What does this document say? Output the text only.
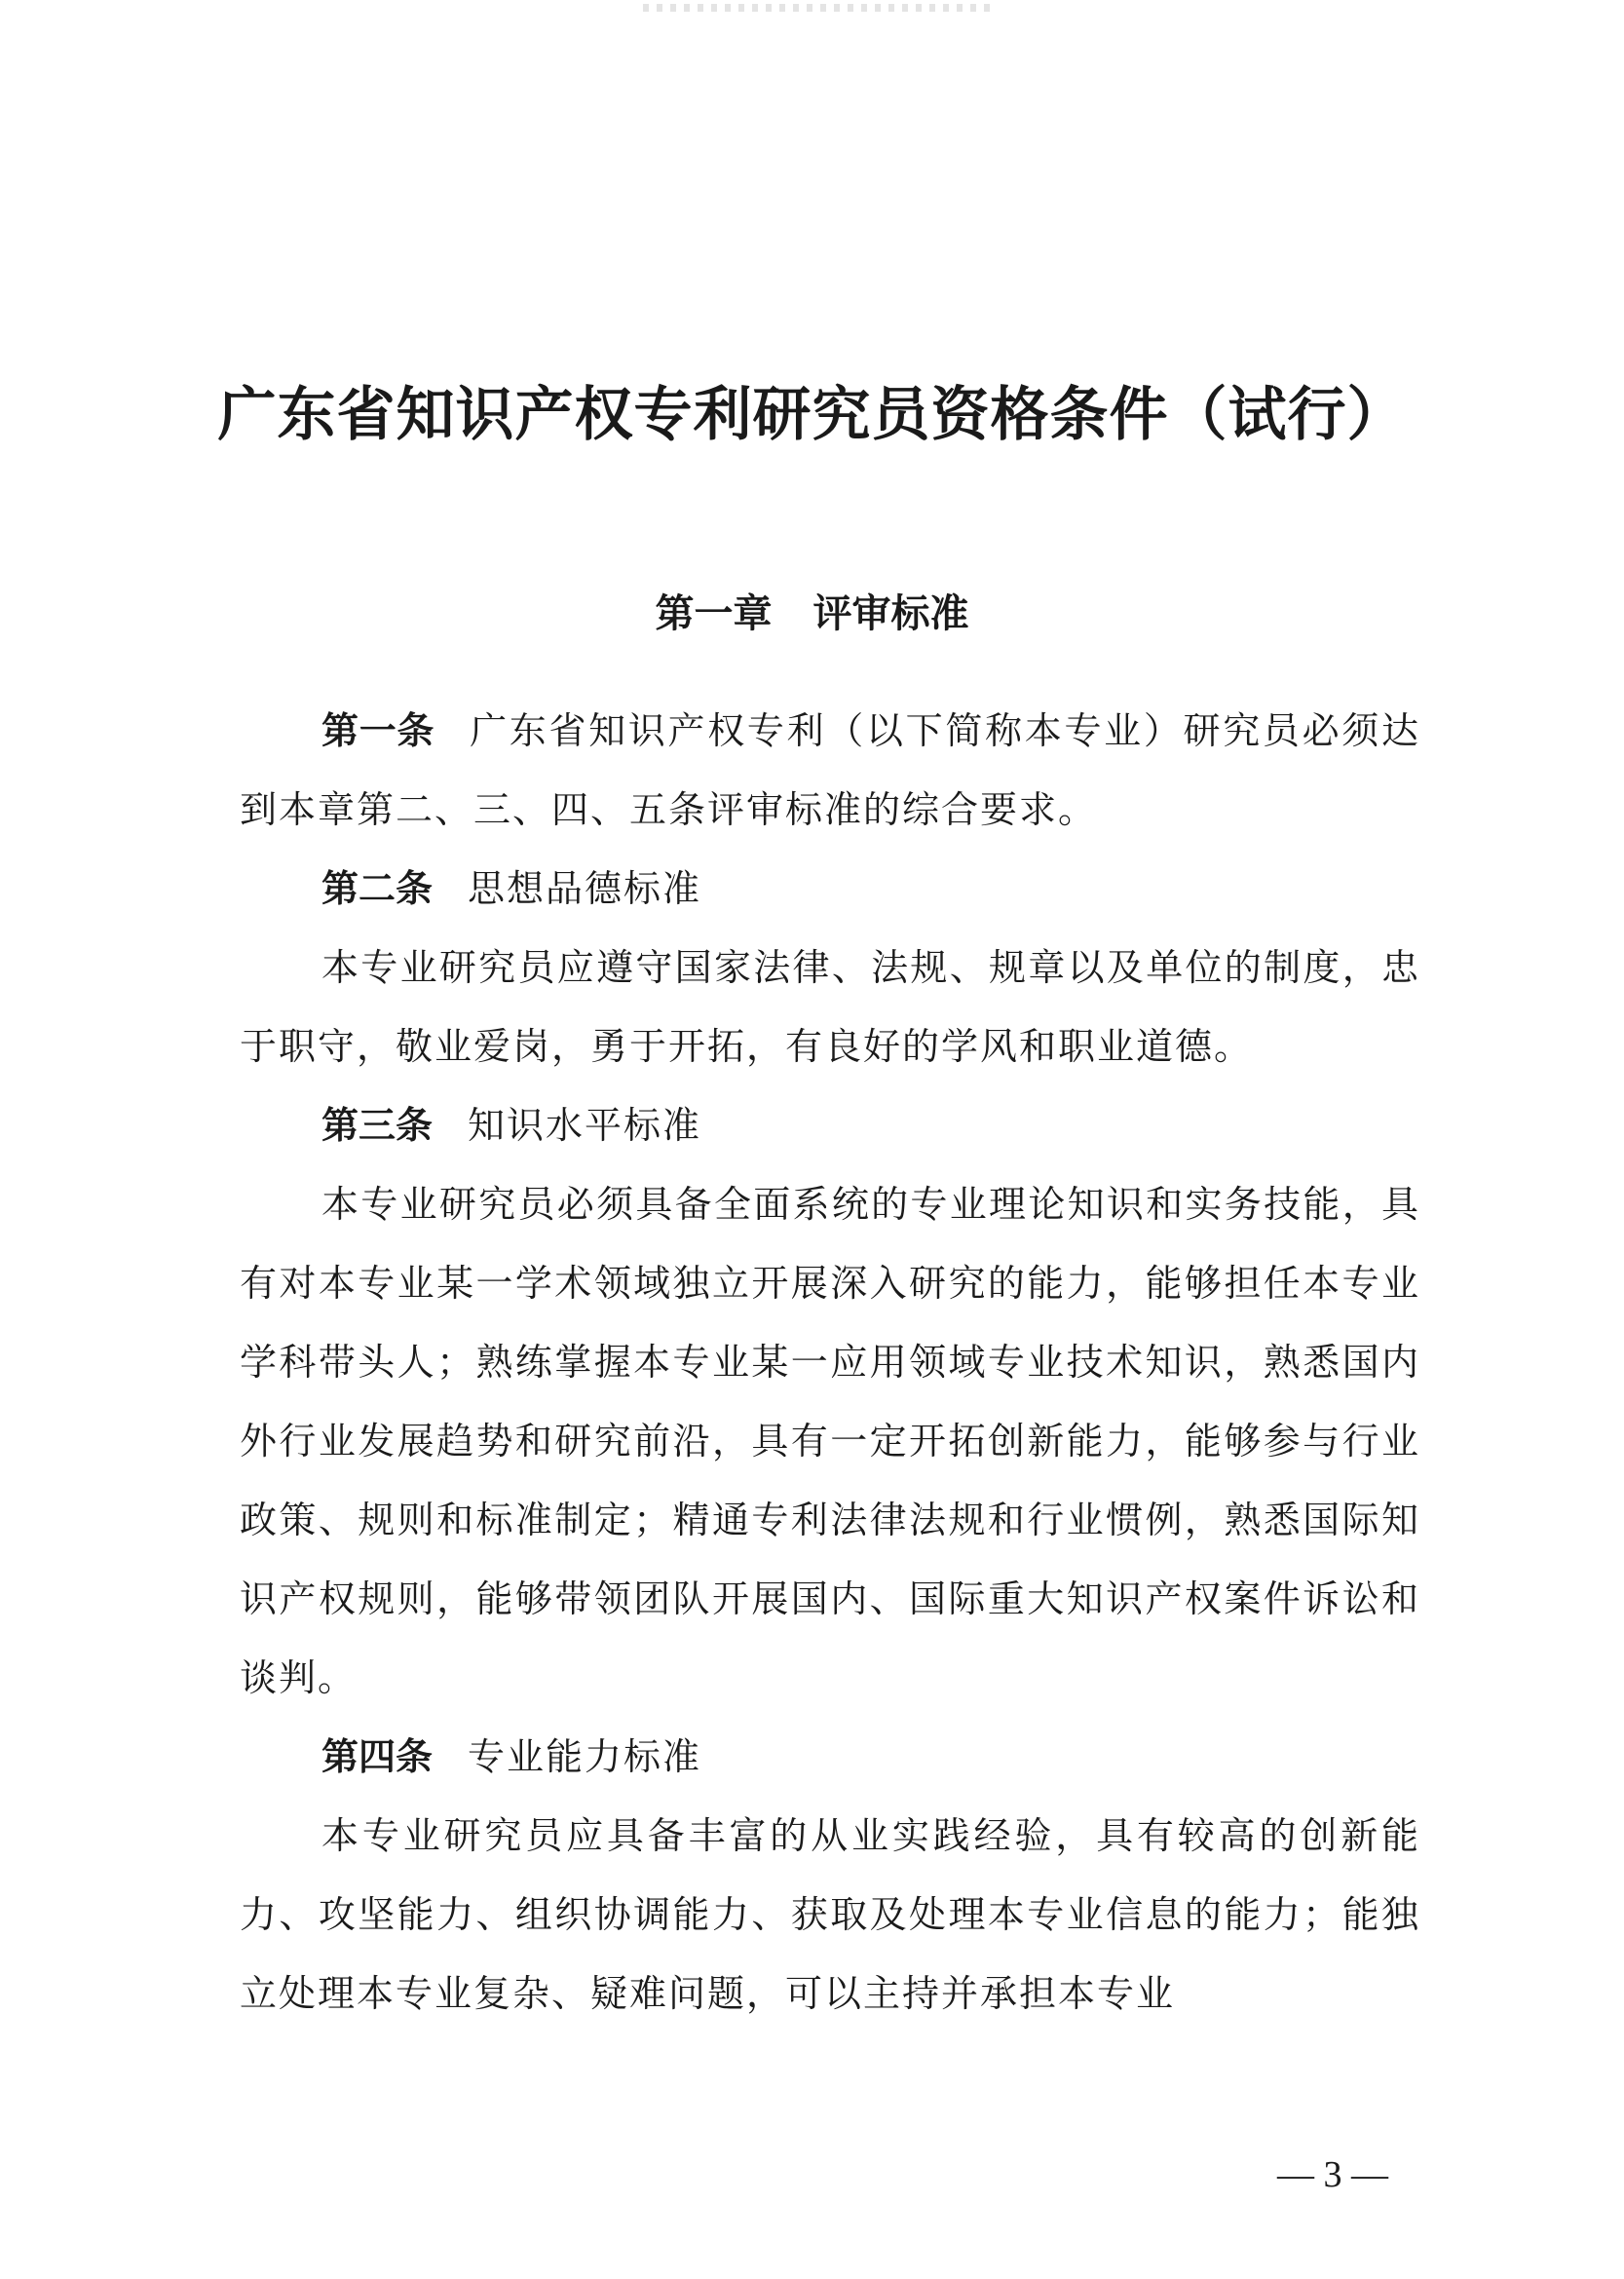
广东省知识产权专利研究员资格条件（试行）
第一章 评审标准

第一条 广东省知识产权专利（以下简称本专业）研究员必须达到本章第二、三、四、五条评审标准的综合要求。

第二条 思想品德标准

本专业研究员应遵守国家法律、法规、规章以及单位的制度，忠于职守，敬业爱岗，勇于开拓，有良好的学风和职业道德。

第三条 知识水平标准

本专业研究员必须具备全面系统的专业理论知识和实务技能，具有对本专业某一学术领域独立开展深入研究的能力，能够担任本专业学科带头人；熟练掌握本专业某一应用领域专业技术知识，熟悉国内外行业发展趋势和研究前沿，具有一定开拓创新能力，能够参与行业政策、规则和标准制定；精通专利法律法规和行业惯例，熟悉国际知识产权规则，能够带领团队开展国内、国际重大知识产权案件诉讼和谈判。

第四条 专业能力标准

本专业研究员应具备丰富的从业实践经验，具有较高的创新能力、攻坚能力、组织协调能力、获取及处理本专业信息的能力；能独立处理本专业复杂、疑难问题，可以主持并承担本专业

— 3 —
